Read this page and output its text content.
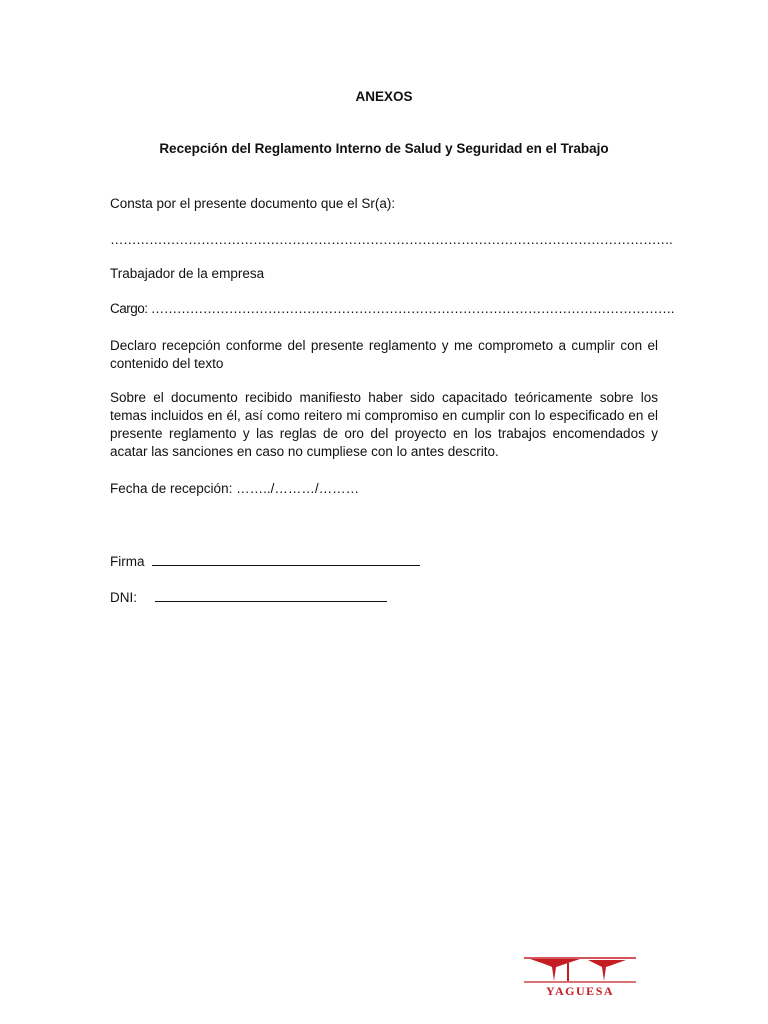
ANEXOS
Recepción del Reglamento Interno de Salud y Seguridad en el Trabajo
Consta por el presente documento que el Sr(a):
………………………………………………………………………………………………………………….
Trabajador de la empresa
Cargo: ………………………………………………………………………………………………………….
Declaro recepción conforme del presente reglamento y me comprometo a cumplir con el contenido del texto
Sobre el documento recibido manifiesto haber sido capacitado teóricamente sobre los temas incluidos en él, así como reitero mi compromiso en cumplir con lo especificado en el presente reglamento y las reglas de oro del proyecto en los trabajos encomendados y acatar las sanciones en caso no cumpliese con lo antes descrito.
Fecha de recepción: ……../………/………
Firma
DNI:
YAGUESA
